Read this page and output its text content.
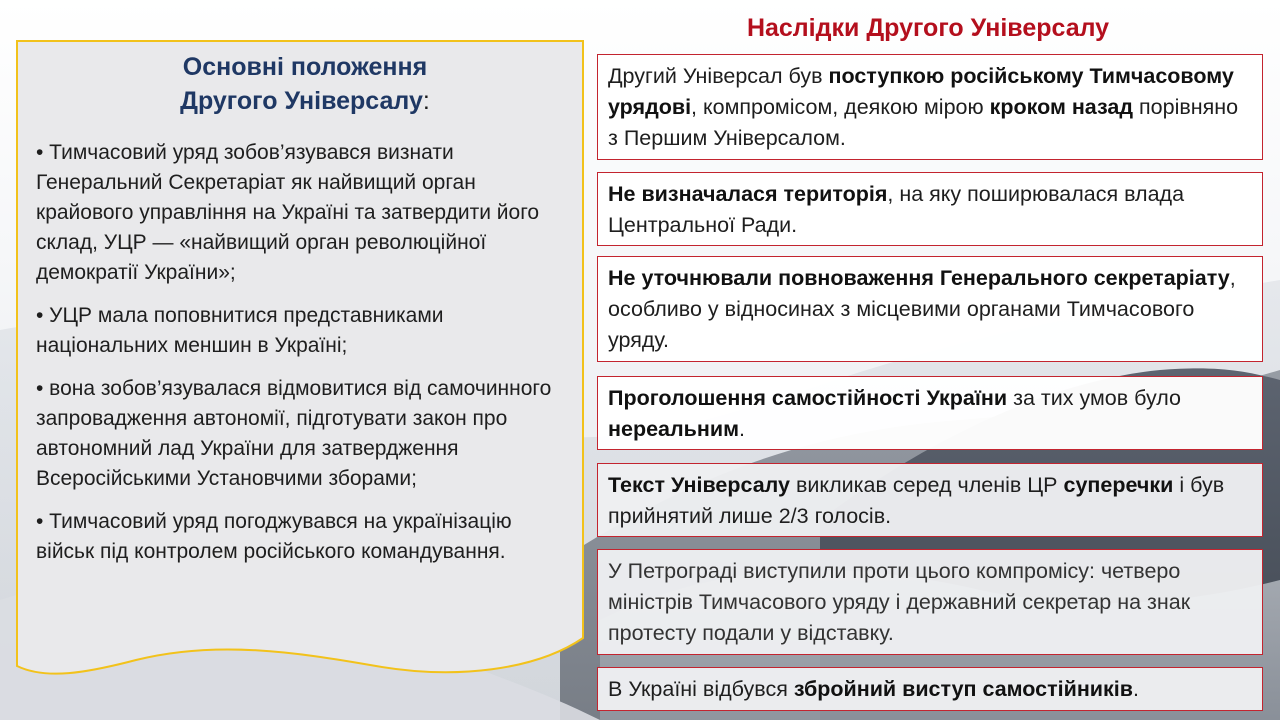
Основні положення
Другого Універсалу:

• Тимчасовий уряд зобов’язувався визнати Генеральний Секретаріат як найвищий орган крайового управління на Україні та затвердити його склад, УЦР — «найвищий орган революційної демократії України»;

• УЦР мала поповнитися представниками національних меншин в Україні;

• вона зобов’язувалася відмовитися від самочинного запровадження автономії, підготувати закон про автономний лад України для затвердження Всеросійськими Установчими зборами;

• Тимчасовий уряд погоджувався на українізацію військ під контролем російського командування.

Наслідки Другого Універсалу
Другий Універсал був поступкою російському Тимчасовому урядові, компромісом, деякою мірою кроком назад порівняно з Першим Універсалом.
Не визначалася територія, на яку поширювалася влада Центральної Ради.
Не уточнювали повноваження Генерального секретаріату, особливо у відносинах з місцевими органами Тимчасового уряду.
Проголошення самостійності України за тих умов було нереальним.
Текст Універсалу викликав серед членів ЦР суперечки і був прийнятий лише 2/3 голосів.
У Петрограді виступили проти цього компромісу: четверо міністрів Тимчасового уряду і державний секретар на знак протесту подали у відставку.
В Україні відбувся збройний виступ самостійників.
